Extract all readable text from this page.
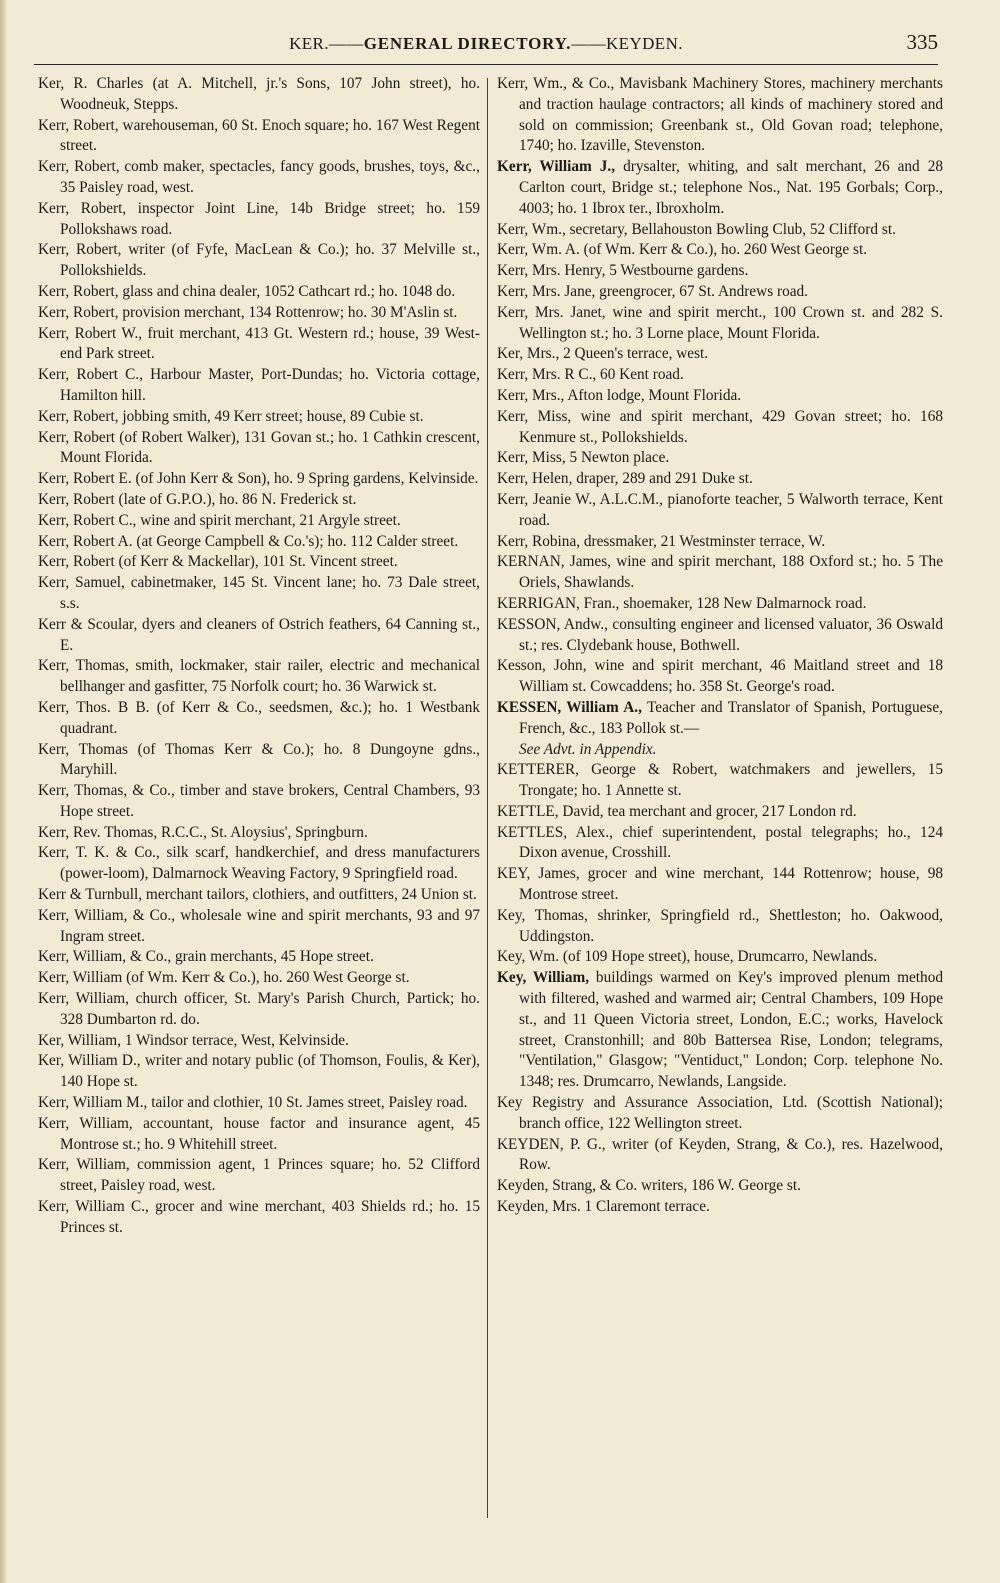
KER.——GENERAL DIRECTORY.——KEYDEN.	335

Ker, R. Charles (at A. Mitchell, jr.'s Sons, 107 John street), ho. Woodneuk, Stepps.

Kerr, Robert, warehouseman, 60 St. Enoch square; ho. 167 West Regent street.

Kerr, Robert, comb maker, spectacles, fancy goods, brushes, toys, &c., 35 Paisley road, west.

Kerr, Robert, inspector Joint Line, 14b Bridge street; ho. 159 Pollokshaws road.

Kerr, Robert, writer (of Fyfe, MacLean & Co.); ho. 37 Melville st., Pollokshields.

Kerr, Robert, glass and china dealer, 1052 Cathcart rd.; ho. 1048 do.

Kerr, Robert, provision merchant, 134 Rottenrow; ho. 30 M'Aslin st.

Kerr, Robert W., fruit merchant, 413 Gt. Western rd.; house, 39 West-end Park street.

Kerr, Robert C., Harbour Master, Port-Dundas; ho. Victoria cottage, Hamilton hill.

Kerr, Robert, jobbing smith, 49 Kerr street; house, 89 Cubie st.

Kerr, Robert (of Robert Walker), 131 Govan st.; ho. 1 Cathkin crescent, Mount Florida.

Kerr, Robert E. (of John Kerr & Son), ho. 9 Spring gardens, Kelvinside.

Kerr, Robert (late of G.P.O.), ho. 86 N. Frederick st.

Kerr, Robert C., wine and spirit merchant, 21 Argyle street.

Kerr, Robert A. (at George Campbell & Co.'s); ho. 112 Calder street.

Kerr, Robert (of Kerr & Mackellar), 101 St. Vincent street.

Kerr, Samuel, cabinetmaker, 145 St. Vincent lane; ho. 73 Dale street, s.s.

Kerr & Scoular, dyers and cleaners of Ostrich feathers, 64 Canning st., E.

Kerr, Thomas, smith, lockmaker, stair railer, electric and mechanical bellhanger and gasfitter, 75 Norfolk court; ho. 36 Warwick st.

Kerr, Thos. B B. (of Kerr & Co., seedsmen, &c.); ho. 1 Westbank quadrant.

Kerr, Thomas (of Thomas Kerr & Co.); ho. 8 Dungoyne gdns., Maryhill.

Kerr, Thomas, & Co., timber and stave brokers, Central Chambers, 93 Hope street.

Kerr, Rev. Thomas, R.C.C., St. Aloysius', Springburn.

Kerr, T. K. & Co., silk scarf, handkerchief, and dress manufacturers (power-loom), Dalmarnock Weaving Factory, 9 Springfield road.

Kerr & Turnbull, merchant tailors, clothiers, and outfitters, 24 Union st.

Kerr, William, & Co., wholesale wine and spirit merchants, 93 and 97 Ingram street.

Kerr, William, & Co., grain merchants, 45 Hope street.

Kerr, William (of Wm. Kerr & Co.), ho. 260 West George st.

Kerr, William, church officer, St. Mary's Parish Church, Partick; ho. 328 Dumbarton rd. do.

Ker, William, 1 Windsor terrace, West, Kelvinside.

Ker, William D., writer and notary public (of Thomson, Foulis, & Ker), 140 Hope st.

Kerr, William M., tailor and clothier, 10 St. James street, Paisley road.

Kerr, William, accountant, house factor and insurance agent, 45 Montrose st.; ho. 9 Whitehill street.

Kerr, William, commission agent, 1 Princes square; ho. 52 Clifford street, Paisley road, west.

Kerr, William C., grocer and wine merchant, 403 Shields rd.; ho. 15 Princes st.

Kerr, Wm., & Co., Mavisbank Machinery Stores, machinery merchants and traction haulage contractors; all kinds of machinery stored and sold on commission; Greenbank st., Old Govan road; telephone, 1740; ho. Izaville, Stevenston.

Kerr, William J., drysalter, whiting, and salt merchant, 26 and 28 Carlton court, Bridge st.; telephone Nos., Nat. 195 Gorbals; Corp., 4003; ho. 1 Ibrox ter., Ibroxholm.

Kerr, Wm., secretary, Bellahouston Bowling Club, 52 Clifford st.

Kerr, Wm. A. (of Wm. Kerr & Co.), ho. 260 West George st.

Kerr, Mrs. Henry, 5 Westbourne gardens.

Kerr, Mrs. Jane, greengrocer, 67 St. Andrews road.

Kerr, Mrs. Janet, wine and spirit mercht., 100 Crown st. and 282 S. Wellington st.; ho. 3 Lorne place, Mount Florida.

Ker, Mrs., 2 Queen's terrace, west.

Kerr, Mrs. R C., 60 Kent road.

Kerr, Mrs., Afton lodge, Mount Florida.

Kerr, Miss, wine and spirit merchant, 429 Govan street; ho. 168 Kenmure st., Pollokshields.

Kerr, Miss, 5 Newton place.

Kerr, Helen, draper, 289 and 291 Duke st.

Kerr, Jeanie W., A.L.C.M., pianoforte teacher, 5 Walworth terrace, Kent road.

Kerr, Robina, dressmaker, 21 Westminster terrace, W.

KERNAN, James, wine and spirit merchant, 188 Oxford st.; ho. 5 The Oriels, Shawlands.

KERRIGAN, Fran., shoemaker, 128 New Dalmarnock road.

KESSON, Andw., consulting engineer and licensed valuator, 36 Oswald st.; res. Clydebank house, Bothwell.

Kesson, John, wine and spirit merchant, 46 Maitland street and 18 William st. Cowcaddens; ho. 358 St. George's road.

KESSEN, William A., Teacher and Translator of Spanish, Portuguese, French, &c., 183 Pollok st.—
See Advt. in Appendix.

KETTERER, George & Robert, watchmakers and jewellers, 15 Trongate; ho. 1 Annette st.

KETTLE, David, tea merchant and grocer, 217 London rd.

KETTLES, Alex., chief superintendent, postal telegraphs; ho., 124 Dixon avenue, Crosshill.

KEY, James, grocer and wine merchant, 144 Rottenrow; house, 98 Montrose street.

Key, Thomas, shrinker, Springfield rd., Shettleston; ho. Oakwood, Uddingston.

Key, Wm. (of 109 Hope street), house, Drumcarro, Newlands.

Key, William, buildings warmed on Key's improved plenum method with filtered, washed and warmed air; Central Chambers, 109 Hope st., and 11 Queen Victoria street, London, E.C.; works, Havelock street, Cranstonhill; and 80b Battersea Rise, London; telegrams, "Ventilation," Glasgow; "Ventiduct," London; Corp. telephone No. 1348; res. Drumcarro, Newlands, Langside.

Key Registry and Assurance Association, Ltd. (Scottish National); branch office, 122 Wellington street.

KEYDEN, P. G., writer (of Keyden, Strang, & Co.), res. Hazelwood, Row.

Keyden, Strang, & Co. writers, 186 W. George st.

Keyden, Mrs. 1 Claremont terrace.
